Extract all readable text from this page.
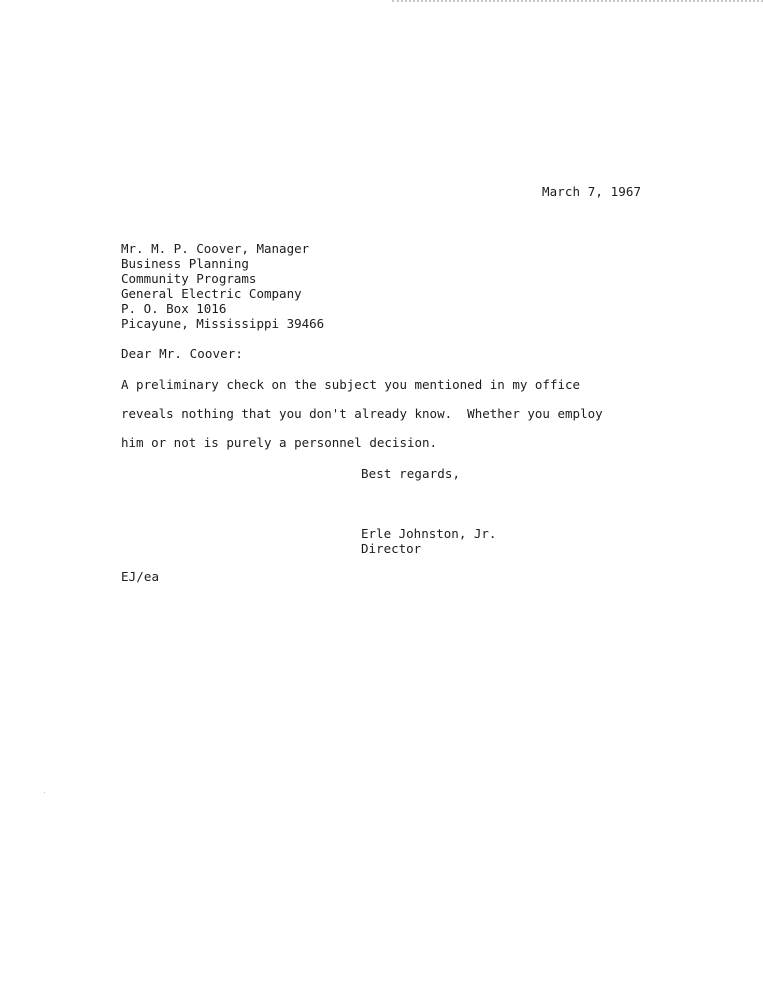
March 7, 1967
Mr. M. P. Coover, Manager
Business Planning
Community Programs
General Electric Company
P. O. Box 1016
Picayune, Mississippi 39466
Dear Mr. Coover:
A preliminary check on the subject you mentioned in my office
reveals nothing that you don't already know.  Whether you employ
him or not is purely a personnel decision.
Best regards,
Erle Johnston, Jr.
Director
EJ/ea
